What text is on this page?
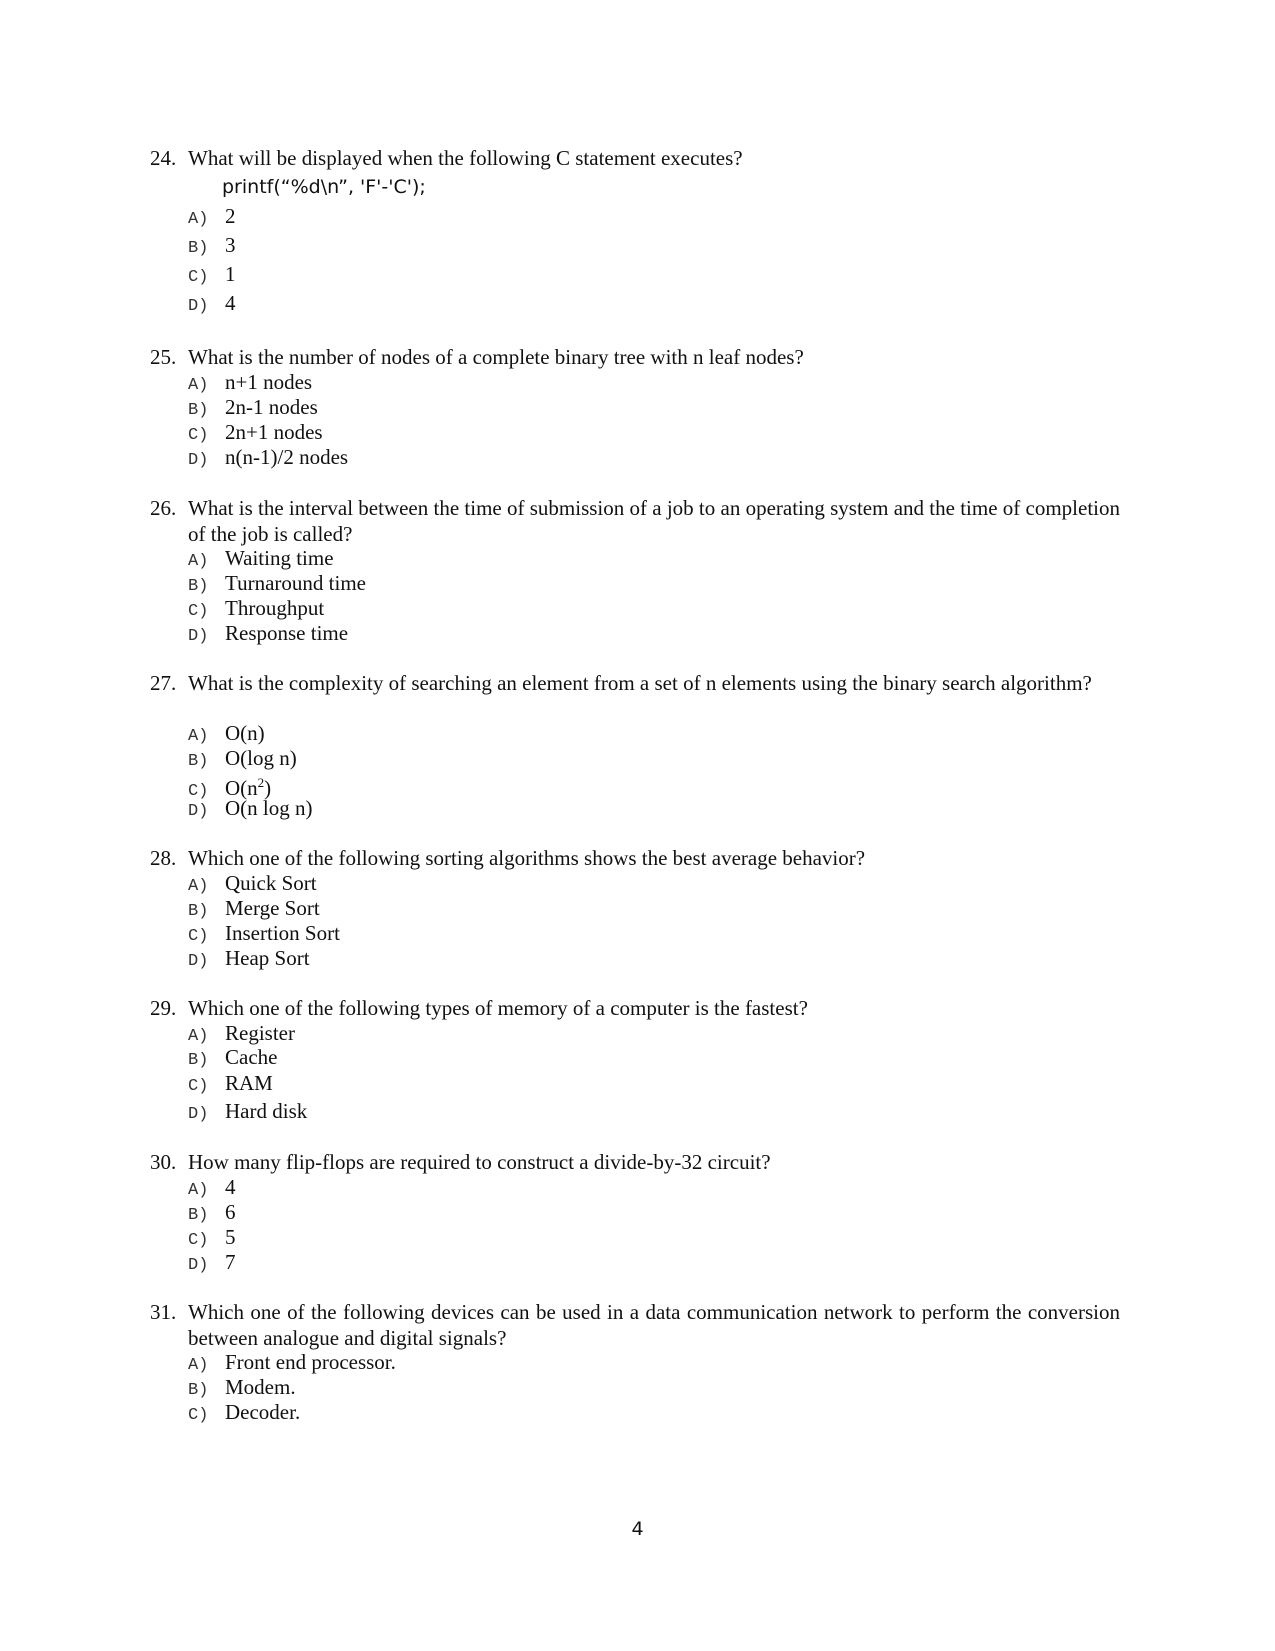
24. What will be displayed when the following C statement executes?
printf(“%d\n”, 'F'-'C');
A) 2
B) 3
C) 1
D) 4
25. What is the number of nodes of a complete binary tree with n leaf nodes?
A) n+1 nodes
B) 2n-1 nodes
C) 2n+1 nodes
D) n(n-1)/2 nodes
26. What is the interval between the time of submission of a job to an operating system and the time of completion of the job is called?
A) Waiting time
B) Turnaround time
C) Throughput
D) Response time
27. What is the complexity of searching an element from a set of n elements using the binary search algorithm?
A) O(n)
B) O(log n)
C) $O(n^2)$
D) O(n log n)
28. Which one of the following sorting algorithms shows the best average behavior?
A) Quick Sort
B) Merge Sort
C) Insertion Sort
D) Heap Sort
29. Which one of the following types of memory of a computer is the fastest?
A) Register
B) Cache
C) RAM
D) Hard disk
30. How many flip-flops are required to construct a divide-by-32 circuit?
A) 4
B) 6
C) 5
D) 7
31. Which one of the following devices can be used in a data communication network to perform the conversion between analogue and digital signals?
A) Front end processor.
B) Modem.
C) Decoder.
4
